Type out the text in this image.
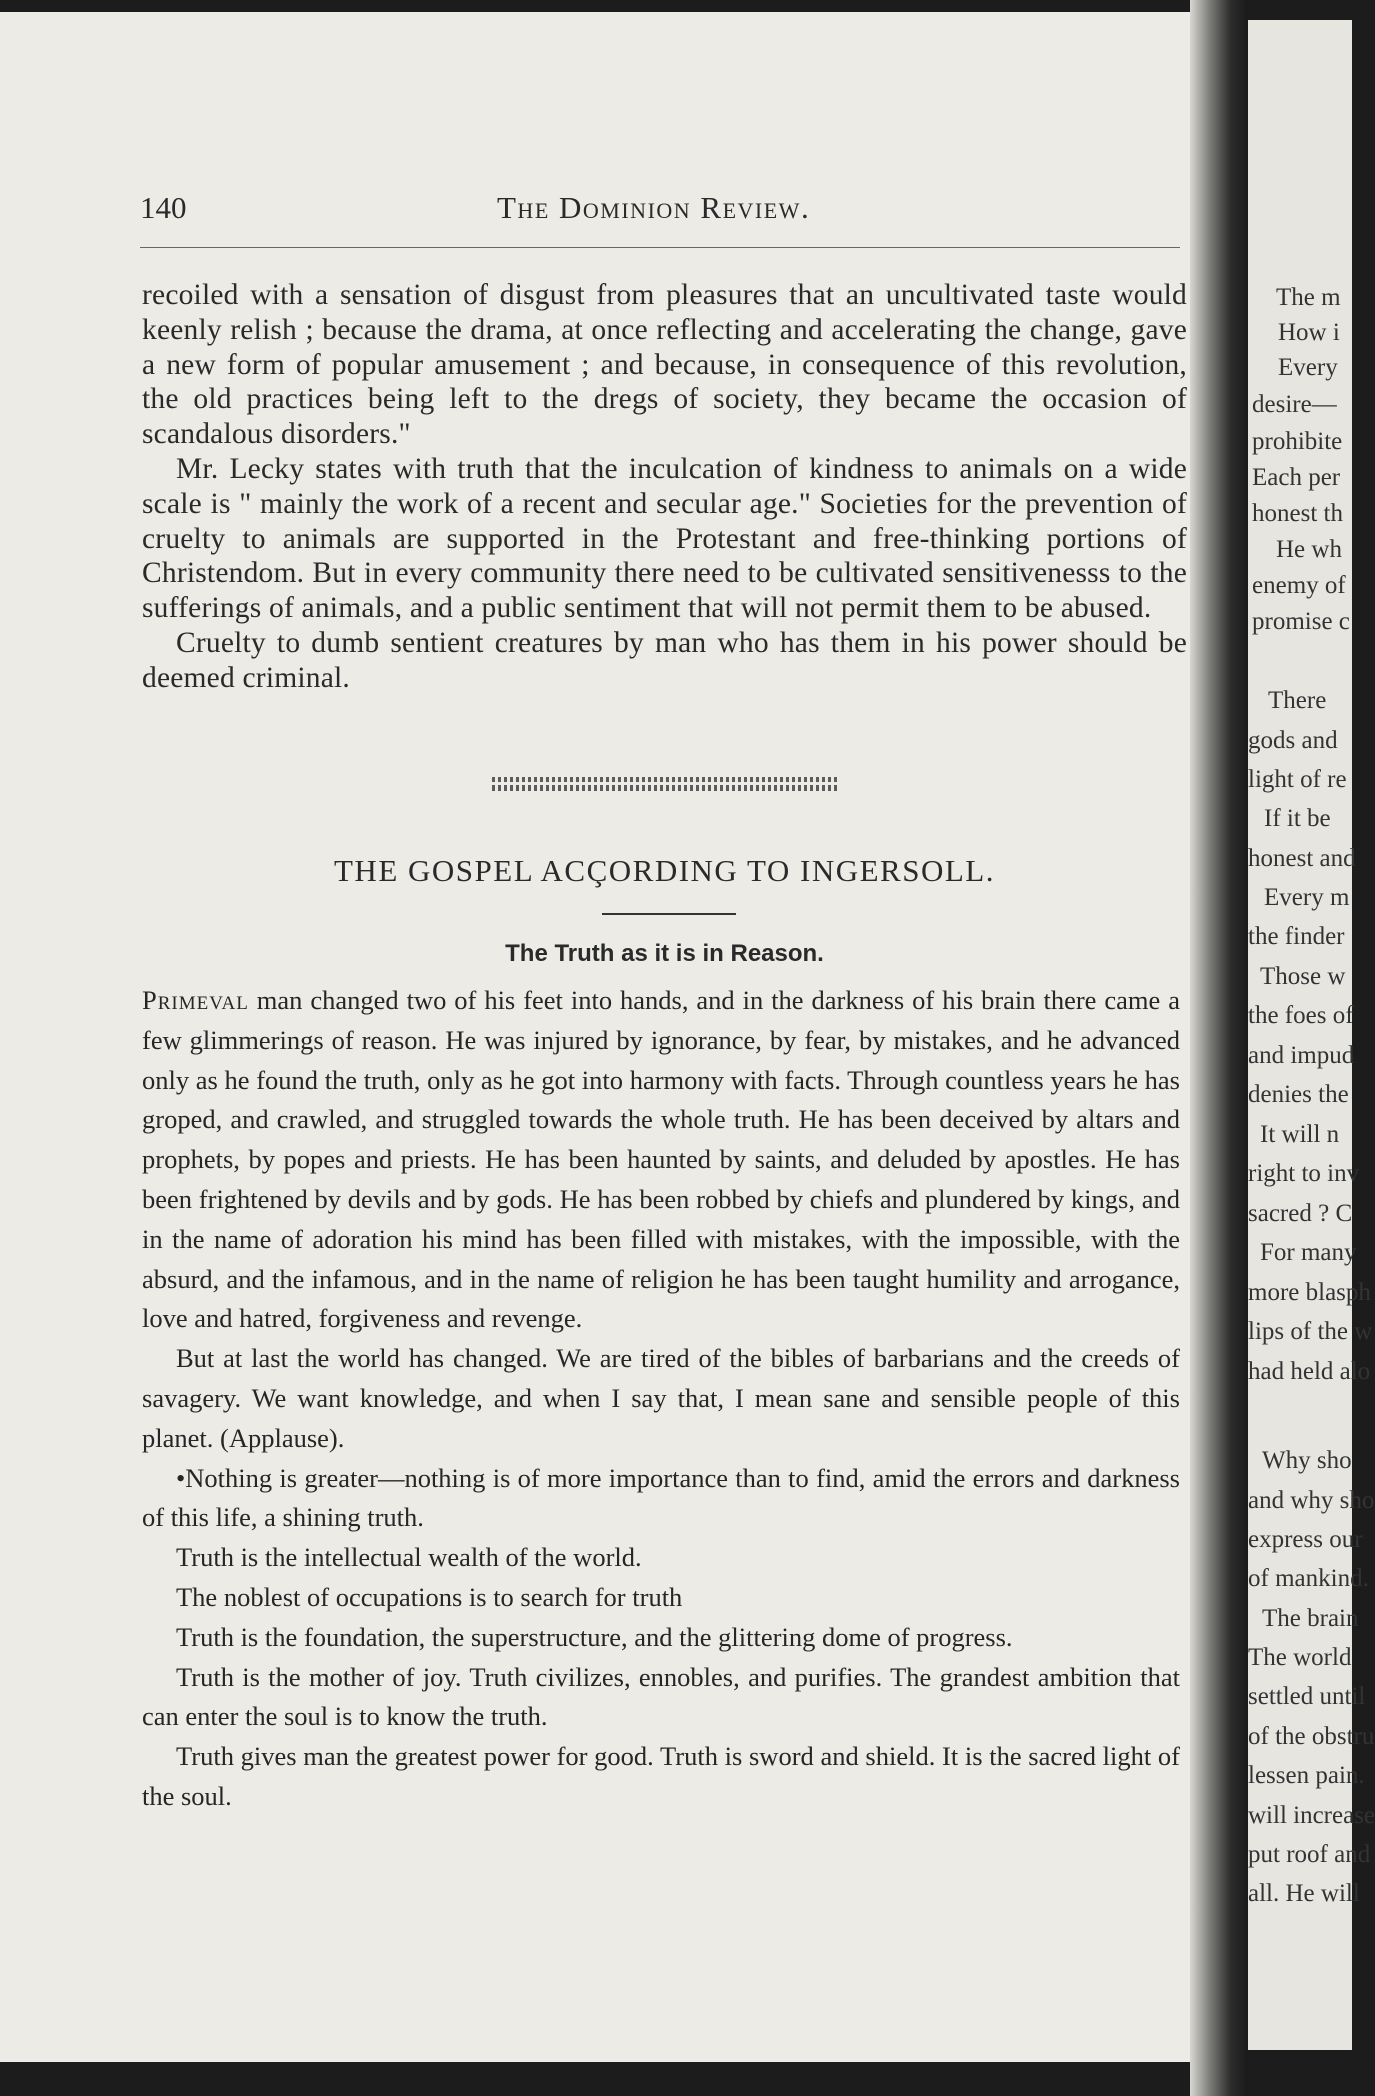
The m
How i
Every
desire—
prohibite
Each per
honest th
He wh
enemy of
promise c
There
gods and
light of re
If it be
honest and
Every m
the finder
Those w
the foes of
and impud
denies the
It will n
right to inv
sacred ? C
For many
more blasph
lips of the w
had held alo
Why sho
and why sho
express our
of mankind.
The brain
The world
settled until
of the obstru
lessen pain.
will increase
put roof and
all. He will
140	The Dominion Review.

recoiled with a sensation of disgust from pleasures that an uncultivated taste would keenly relish ; because the drama, at once reflecting and accelerating the change, gave a new form of popular amusement ; and because, in consequence of this revolution, the old practices being left to the dregs of society, they became the occasion of scandalous disorders."

Mr. Lecky states with truth that the inculcation of kindness to animals on a wide scale is " mainly the work of a recent and secular age." Societies for the prevention of cruelty to animals are supported in the Protestant and free-thinking portions of Christendom. But in every community there need to be cultivated sensitivenesss to the sufferings of animals, and a public sentiment that will not permit them to be abused.

Cruelty to dumb sentient creatures by man who has them in his power should be deemed criminal.

THE GOSPEL ACÇORDING TO INGERSOLL.
The Truth as it is in Reason.

Primeval man changed two of his feet into hands, and in the darkness of his brain there came a few glimmerings of reason. He was injured by ignorance, by fear, by mistakes, and he advanced only as he found the truth, only as he got into harmony with facts. Through countless years he has groped, and crawled, and struggled towards the whole truth. He has been deceived by altars and prophets, by popes and priests. He has been haunted by saints, and deluded by apostles. He has been frightened by devils and by gods. He has been robbed by chiefs and plundered by kings, and in the name of adoration his mind has been filled with mistakes, with the impossible, with the absurd, and the infamous, and in the name of religion he has been taught humility and arrogance, love and hatred, forgiveness and revenge.

But at last the world has changed. We are tired of the bibles of barbarians and the creeds of savagery. We want knowledge, and when I say that, I mean sane and sensible people of this planet. (Applause).

•Nothing is greater—nothing is of more importance than to find, amid the errors and darkness of this life, a shining truth.

Truth is the intellectual wealth of the world.

The noblest of occupations is to search for truth

Truth is the foundation, the superstructure, and the glittering dome of progress.

Truth is the mother of joy. Truth civilizes, ennobles, and purifies. The grandest ambition that can enter the soul is to know the truth.

Truth gives man the greatest power for good. Truth is sword and shield. It is the sacred light of the soul.
